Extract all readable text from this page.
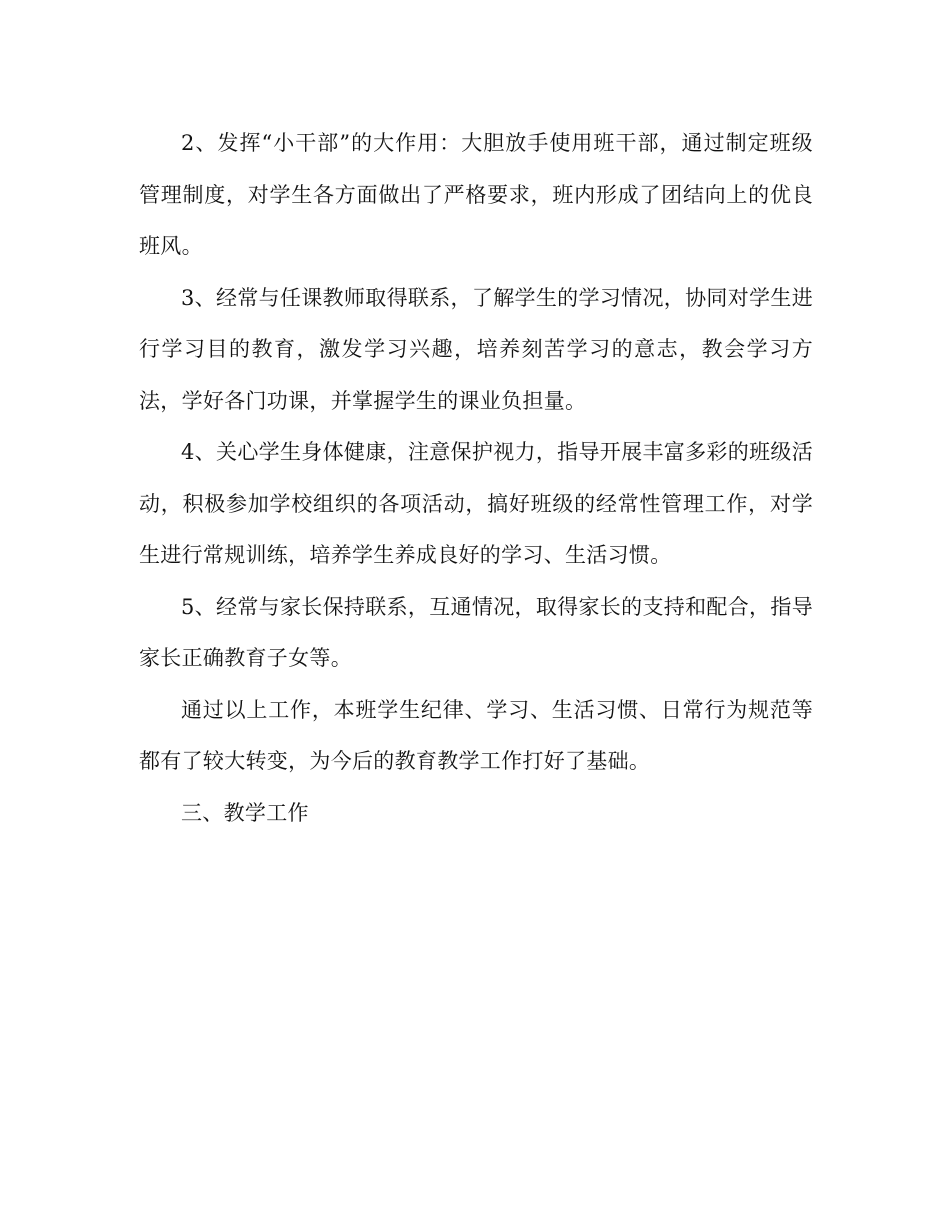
2、发挥“小干部”的大作用：大胆放手使用班干部，通过制定班级管理制度，对学生各方面做出了严格要求，班内形成了团结向上的优良班风。

3、经常与任课教师取得联系，了解学生的学习情况，协同对学生进行学习目的教育，激发学习兴趣，培养刻苦学习的意志，教会学习方法，学好各门功课，并掌握学生的课业负担量。

4、关心学生身体健康，注意保护视力，指导开展丰富多彩的班级活动，积极参加学校组织的各项活动，搞好班级的经常性管理工作，对学生进行常规训练，培养学生养成良好的学习、生活习惯。

5、经常与家长保持联系，互通情况，取得家长的支持和配合，指导家长正确教育子女等。

通过以上工作，本班学生纪律、学习、生活习惯、日常行为规范等都有了较大转变，为今后的教育教学工作打好了基础。

三、教学工作
